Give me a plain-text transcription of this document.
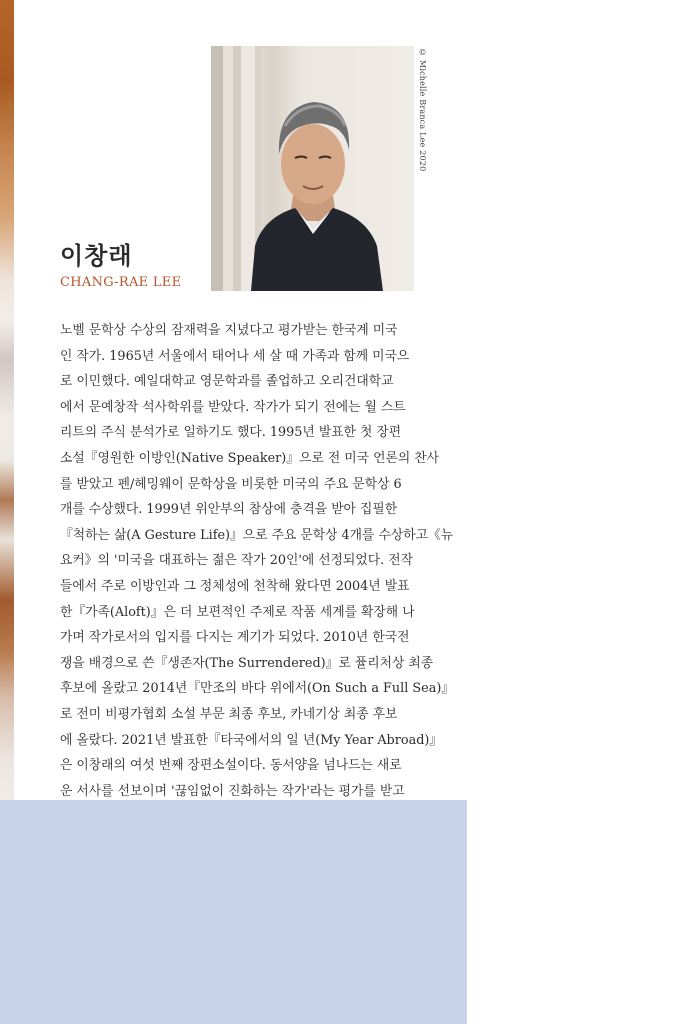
© Michelle Branca Lee 2020
이창래
CHANG-RAE LEE
노벨 문학상 수상의 잠재력을 지녔다고 평가받는 한국계 미국
인 작가. 1965년 서울에서 태어나 세 살 때 가족과 함께 미국으
로 이민했다. 예일대학교 영문학과를 졸업하고 오리건대학교
에서 문예창작 석사학위를 받았다. 작가가 되기 전에는 월 스트
리트의 주식 분석가로 일하기도 했다. 1995년 발표한 첫 장편
소설『영원한 이방인(Native Speaker)』으로 전 미국 언론의 찬사
를 받았고 펜/헤밍웨이 문학상을 비롯한 미국의 주요 문학상 6
개를 수상했다. 1999년 위안부의 참상에 충격을 받아 집필한
『척하는 삶(A Gesture Life)』으로 주요 문학상 4개를 수상하고《뉴
요커》의 '미국을 대표하는 젊은 작가 20인'에 선정되었다. 전작
들에서 주로 이방인과 그 정체성에 천착해 왔다면 2004년 발표
한『가족(Aloft)』은 더 보편적인 주제로 작품 세계를 확장해 나
가며 작가로서의 입지를 다지는 계기가 되었다. 2010년 한국전
쟁을 배경으로 쓴『생존자(The Surrendered)』로 퓰리처상 최종
후보에 올랐고 2014년『만조의 바다 위에서(On Such a Full Sea)』
로 전미 비평가협회 소설 부문 최종 후보, 카네기상 최종 후보
에 올랐다. 2021년 발표한『타국에서의 일 년(My Year Abroad)』
은 이창래의 여섯 번째 장편소설이다. 동서양을 넘나드는 새로
운 서사를 선보이며 '끊임없이 진화하는 작가'라는 평가를 받고
